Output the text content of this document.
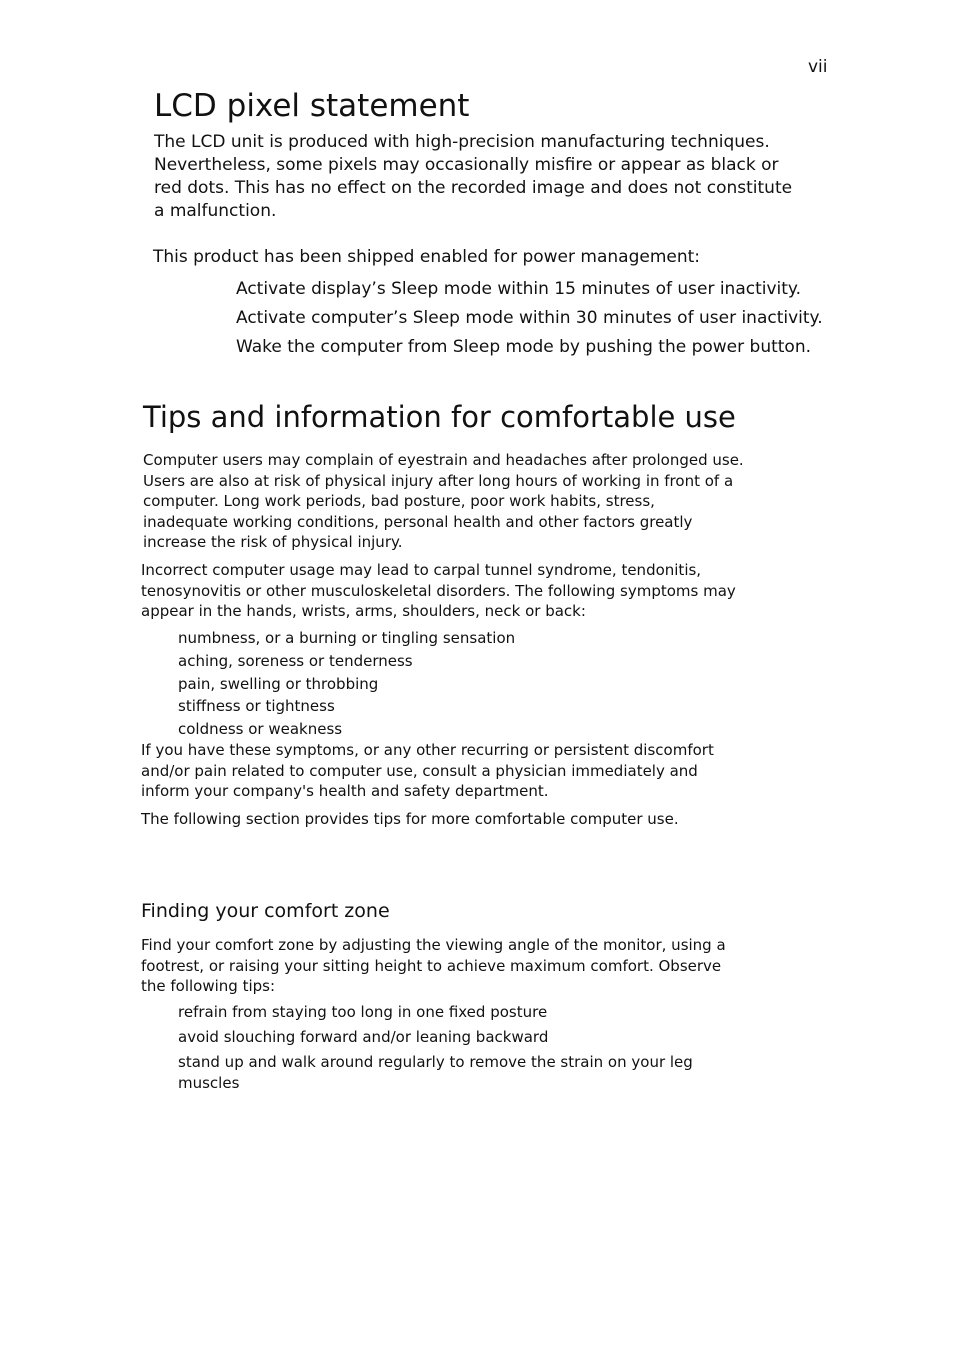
vii
LCD pixel statement
The LCD unit is produced with high-precision manufacturing techniques.
Nevertheless, some pixels may occasionally misfire or appear as black or
red dots. This has no effect on the recorded image and does not constitute
a malfunction.

This product has been shipped enabled for power management:

Activate display’s Sleep mode within 15 minutes of user inactivity.
Activate computer’s Sleep mode within 30 minutes of user inactivity.
Wake the computer from Sleep mode by pushing the power button.
Tips and information for comfortable use
Computer users may complain of eyestrain and headaches after prolonged use.
Users are also at risk of physical injury after long hours of working in front of a
computer. Long work periods, bad posture, poor work habits, stress,
inadequate working conditions, personal health and other factors greatly
increase the risk of physical injury.
Incorrect computer usage may lead to carpal tunnel syndrome, tendonitis,
tenosynovitis or other musculoskeletal disorders. The following symptoms may
appear in the hands, wrists, arms, shoulders, neck or back:
numbness, or a burning or tingling sensation
aching, soreness or tenderness
pain, swelling or throbbing
stiffness or tightness
coldness or weakness
If you have these symptoms, or any other recurring or persistent discomfort
and/or pain related to computer use, consult a physician immediately and
inform your company's health and safety department.

The following section provides tips for more comfortable computer use.

Finding your comfort zone
Find your comfort zone by adjusting the viewing angle of the monitor, using a
footrest, or raising your sitting height to achieve maximum comfort. Observe
the following tips:
refrain from staying too long in one fixed posture
avoid slouching forward and/or leaning backward
stand up and walk around regularly to remove the strain on your leg
muscles
